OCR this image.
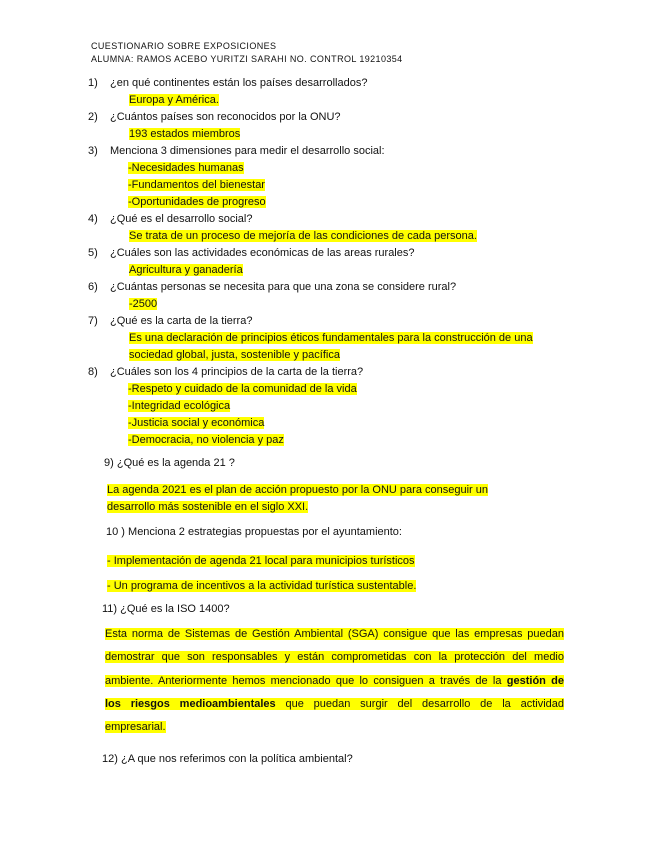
CUESTIONARIO SOBRE EXPOSICIONES
ALUMNA: RAMOS ACEBO YURITZI SARAHI NO. CONTROL 19210354
1)	¿en qué continentes están los países desarrollados?
Europa y América.
2)	¿Cuántos países son reconocidos por la ONU?
193 estados miembros
3)	Menciona 3 dimensiones para medir el desarrollo social:
-Necesidades humanas
-Fundamentos del bienestar
-Oportunidades de progreso
4)	¿Qué es el desarrollo social?
Se trata de un proceso de mejoría de las condiciones de cada persona.
5)	¿Cuáles son las actividades económicas de las areas rurales?
Agricultura y ganadería
6)	¿Cuántas personas se necesita para que una zona se considere rural?
-2500
7)	¿Qué es la carta de la tierra?
Es una declaración de principios éticos fundamentales para la construcción de una
sociedad global, justa, sostenible y pacífica
8)	¿Cuáles son los 4 principios de la carta de la tierra?
-Respeto y cuidado de la comunidad de la vida
-Integridad ecológica
-Justicia social y económica
-Democracia, no violencia y paz
9) ¿Qué es la agenda 21 ?
La agenda 2021 es el plan de acción propuesto por la ONU para conseguir un
desarrollo más sostenible en el siglo XXI.
10 ) Menciona 2 estrategias propuestas por el ayuntamiento:
- Implementación de agenda 21 local para municipios turísticos
- Un programa de incentivos a la actividad turística sustentable.
11) ¿Qué es la ISO 1400?
Esta norma de Sistemas de Gestión Ambiental (SGA) consigue que las empresas puedan
demostrar que son responsables y están comprometidas con la protección del medio
ambiente. Anteriormente hemos mencionado que lo consiguen a través de la gestión de
los riesgos medioambientales que puedan surgir del desarrollo de la actividad
empresarial.
12) ¿A que nos referimos con la política ambiental?
